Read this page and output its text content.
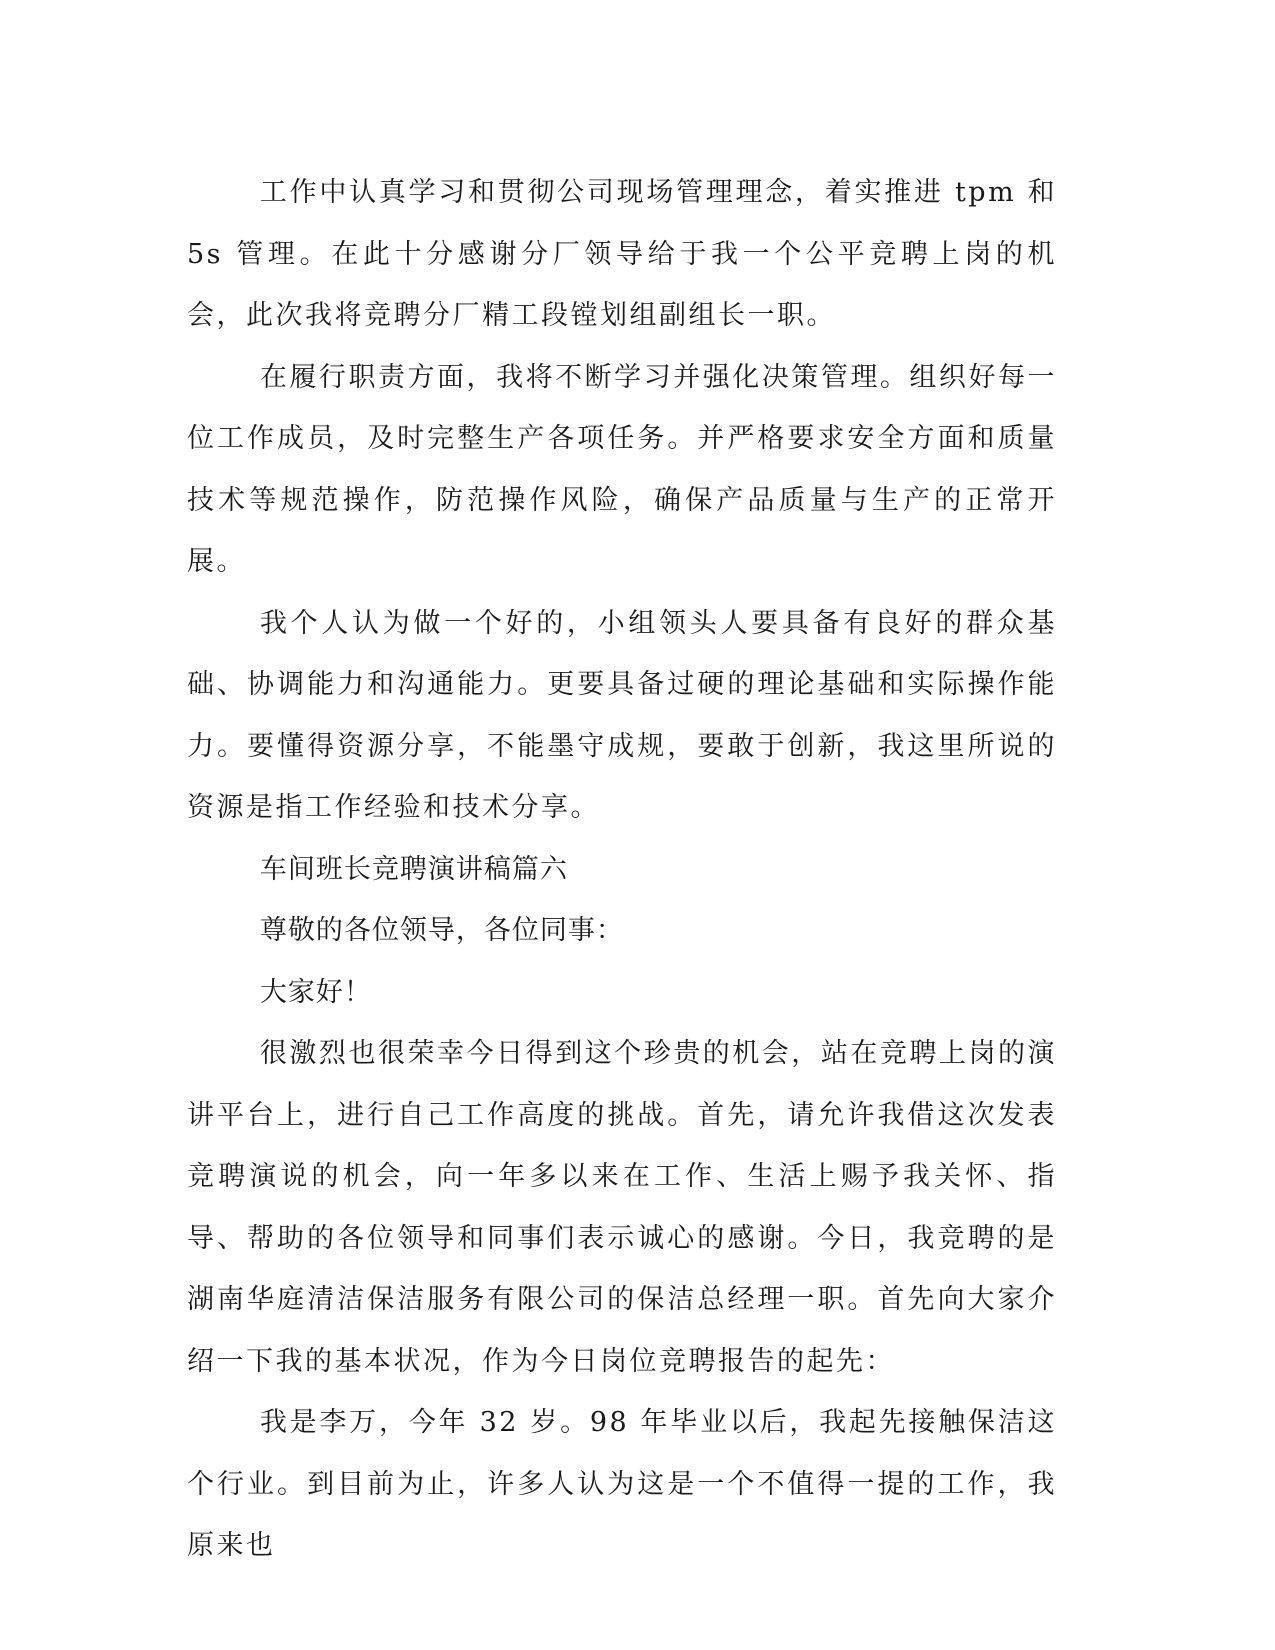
工作中认真学习和贯彻公司现场管理理念，着实推进 tpm 和 5s 管理。在此十分感谢分厂领导给于我一个公平竞聘上岗的机会，此次我将竞聘分厂精工段镗划组副组长一职。

在履行职责方面，我将不断学习并强化决策管理。组织好每一位工作成员，及时完整生产各项任务。并严格要求安全方面和质量技术等规范操作，防范操作风险，确保产品质量与生产的正常开展。

我个人认为做一个好的，小组领头人要具备有良好的群众基础、协调能力和沟通能力。更要具备过硬的理论基础和实际操作能力。要懂得资源分享，不能墨守成规，要敢于创新，我这里所说的资源是指工作经验和技术分享。

车间班长竞聘演讲稿篇六

尊敬的各位领导，各位同事：

大家好！

很激烈也很荣幸今日得到这个珍贵的机会，站在竞聘上岗的演讲平台上，进行自己工作高度的挑战。首先，请允许我借这次发表竞聘演说的机会，向一年多以来在工作、生活上赐予我关怀、指导、帮助的各位领导和同事们表示诚心的感谢。今日，我竞聘的是湖南华庭清洁保洁服务有限公司的保洁总经理一职。首先向大家介绍一下我的基本状况，作为今日岗位竞聘报告的起先：

我是李万，今年 32 岁。98 年毕业以后，我起先接触保洁这个行业。到目前为止，许多人认为这是一个不值得一提的工作，我原来也
